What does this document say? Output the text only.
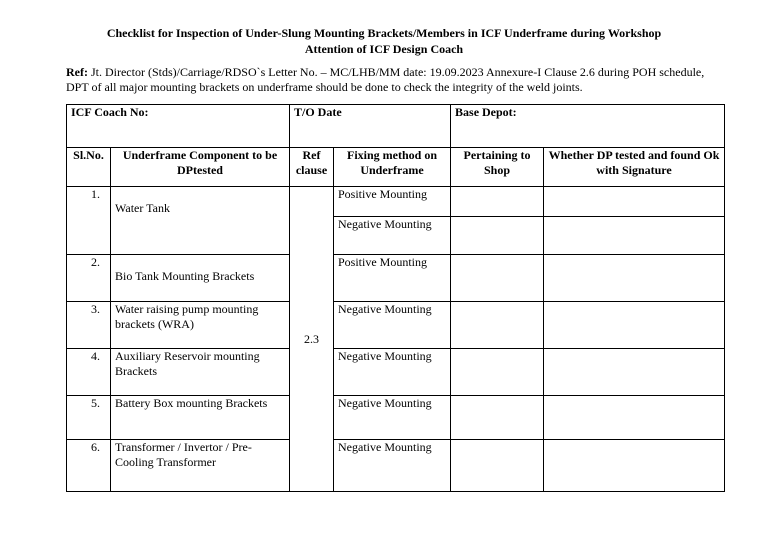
Checklist for Inspection of Under-Slung Mounting Brackets/Members in ICF Underframe during Workshop
Attention of ICF Design Coach
Ref: Jt. Director (Stds)/Carriage/RDSO`s Letter No. – MC/LHB/MM date: 19.09.2023 Annexure-I Clause 2.6 during POH schedule, DPT of all major mounting brackets on underframe should be done to check the integrity of the weld joints.
ICF Coach No:		T/O Date		Base Depot:	
Sl.No.	Underframe Component to be DPtested	Ref clause	Fixing method on Underframe	Pertaining to Shop	Whether DP tested and found Ok with Signature
1.	Water Tank	2.3	Positive Mounting		
			Negative Mounting		
2.	Bio Tank Mounting Brackets		Positive Mounting		
3.	Water raising pump mounting brackets (WRA)		Negative Mounting		
4.	Auxiliary Reservoir mounting Brackets		Negative Mounting		
5.	Battery Box mounting Brackets		Negative Mounting		
6.	Transformer / Invertor / Pre-Cooling Transformer		Negative Mounting		
